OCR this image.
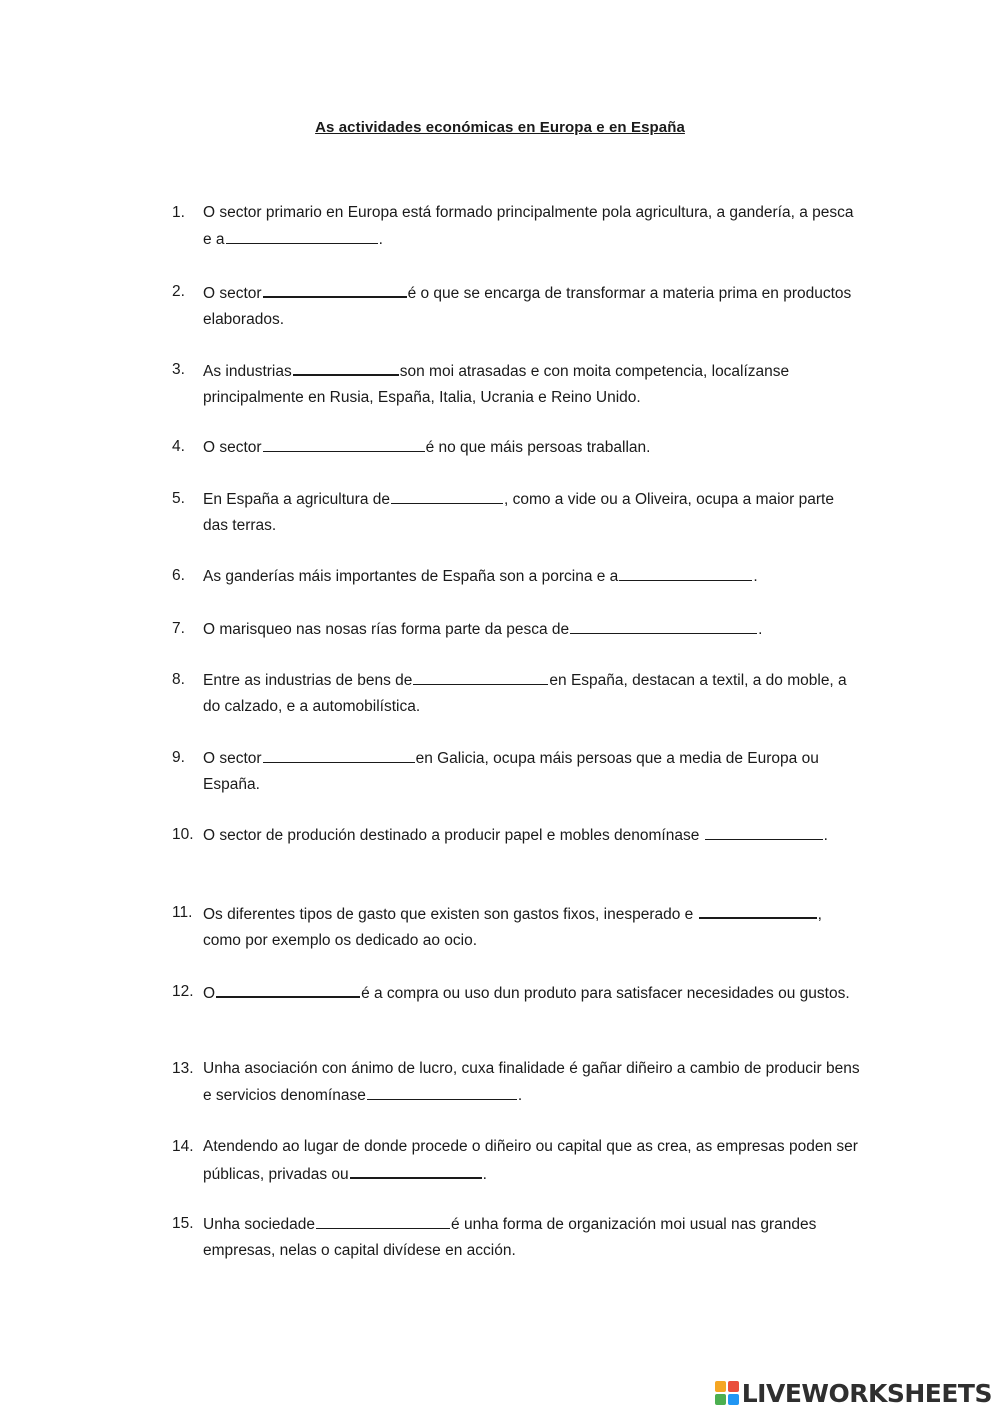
As actividades económicas en Europa e en España
1.	O sector primario en Europa está formado principalmente pola agricultura, a gandería, a pesca e a	.
2.	O sector	é o que se encarga de transformar a materia prima en productos elaborados.
3.	As industrias	son moi atrasadas e con moita competencia, localízanse principalmente en Rusia, España, Italia, Ucrania e Reino Unido.
4.	O sector	é no que máis persoas traballan.
5.	En España a agricultura de	, como a vide ou a Oliveira, ocupa a maior parte das terras.
6.	As ganderías máis importantes de España son a porcina e a	.
7.	O marisqueo nas nosas rías forma parte da pesca de	.
8.	Entre as industrias de bens de	en España, destacan a textil, a do moble, a do calzado, e a automobilística.
9.	O sector	en Galicia, ocupa máis persoas que a media de Europa ou España.
10. O sector de produción destinado a producir papel e mobles denomínase	.
11. Os diferentes tipos de gasto que existen son gastos fixos, inesperado e	, como por exemplo os dedicado ao ocio.
12. O	é a compra ou uso dun produto para satisfacer necesidades ou gustos.
13. Unha asociación con ánimo de lucro, cuxa finalidade é gañar diñeiro a cambio de producir bens e servicios denomínase	.
14. Atendendo ao lugar de donde procede o diñeiro ou capital que as crea, as empresas poden ser públicas, privadas ou	.
15. Unha sociedade	é unha forma de organización moi usual nas grandes empresas, nelas o capital divídese en acción.
LIVEWORKSHEETS
